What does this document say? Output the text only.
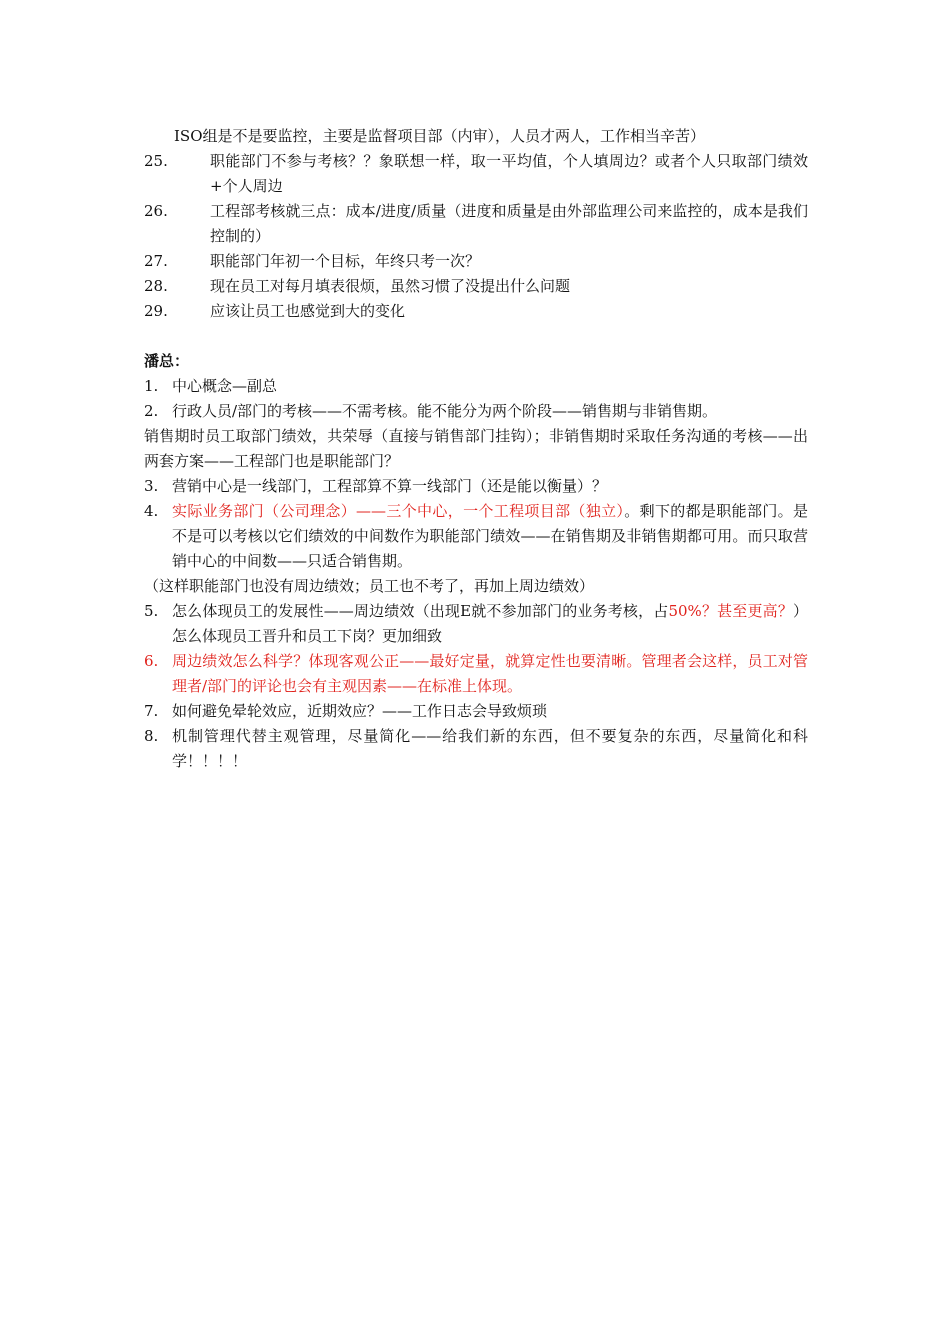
ISO组是不是要监控，主要是监督项目部（内审），人员才两人，工作相当辛苦）

25.	职能部门不参与考核？？象联想一样，取一平均值，个人填周边？或者个人只取部门绩效+个人周边
26.	工程部考核就三点：成本/进度/质量（进度和质量是由外部监理公司来监控的，成本是我们控制的）
27.	职能部门年初一个目标，年终只考一次？
28.	现在员工对每月填表很烦，虽然习惯了没提出什么问题
29.	应该让员工也感觉到大的变化

潘总：

1. 中心概念—副总
2. 行政人员/部门的考核——不需考核。能不能分为两个阶段——销售期与非销售期。

销售期时员工取部门绩效，共荣辱（直接与销售部门挂钩）；非销售期时采取任务沟通的考核——出两套方案——工程部门也是职能部门？

3. 营销中心是一线部门，工程部算不算一线部门（还是能以衡量）？
4. 实际业务部门（公司理念）——三个中心，一个工程项目部（独立）。剩下的都是职能部门。是不是可以考核以它们绩效的中间数作为职能部门绩效——在销售期及非销售期都可用。而只取营销中心的中间数——只适合销售期。

（这样职能部门也没有周边绩效；员工也不考了，再加上周边绩效）

5. 怎么体现员工的发展性——周边绩效（出现E就不参加部门的业务考核，占50%？甚至更高？）怎么体现员工晋升和员工下岗？更加细致
6. 周边绩效怎么科学？体现客观公正——最好定量，就算定性也要清晰。管理者会这样，员工对管理者/部门的评论也会有主观因素——在标准上体现。
7. 如何避免晕轮效应，近期效应？——工作日志会导致烦琐
8. 机制管理代替主观管理，尽量简化——给我们新的东西，但不要复杂的东西，尽量简化和科学！！！！
